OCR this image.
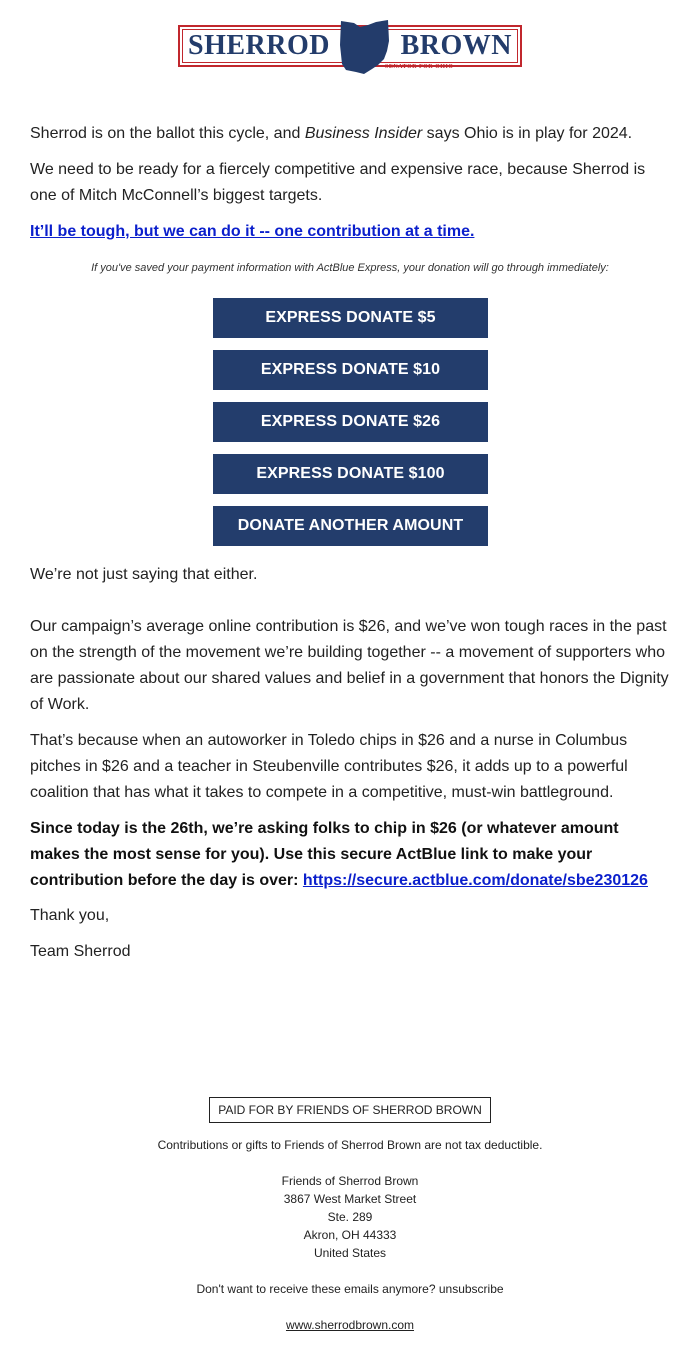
SHERROD	BROWN
SENATOR FOR OHIO
Sherrod is on the ballot this cycle, and Business Insider says Ohio is in play for 2024.
We need to be ready for a fiercely competitive and expensive race, because Sherrod is
one of Mitch McConnell’s biggest targets.
It’ll be tough, but we can do it -- one contribution at a time.
If you've saved your payment information with ActBlue Express, your donation will go through immediately:
EXPRESS DONATE $5
EXPRESS DONATE $10
EXPRESS DONATE $26
EXPRESS DONATE $100
DONATE ANOTHER AMOUNT
We’re not just saying that either.
Our campaign’s average online contribution is $26, and we’ve won tough races in the past
on the strength of the movement we’re building together -- a movement of supporters who
are passionate about our shared values and belief in a government that honors the Dignity
of Work.
That’s because when an autoworker in Toledo chips in $26 and a nurse in Columbus
pitches in $26 and a teacher in Steubenville contributes $26, it adds up to a powerful
coalition that has what it takes to compete in a competitive, must-win battleground.
Since today is the 26th, we’re asking folks to chip in $26 (or whatever amount
makes the most sense for you). Use this secure ActBlue link to make your
contribution before the day is over: https://secure.actblue.com/donate/sbe230126
Thank you,
Team Sherrod
PAID FOR BY FRIENDS OF SHERROD BROWN
Contributions or gifts to Friends of Sherrod Brown are not tax deductible.
Friends of Sherrod Brown
3867 West Market Street
Ste. 289
Akron, OH 44333
United States
Don't want to receive these emails anymore? unsubscribe
www.sherrodbrown.com
